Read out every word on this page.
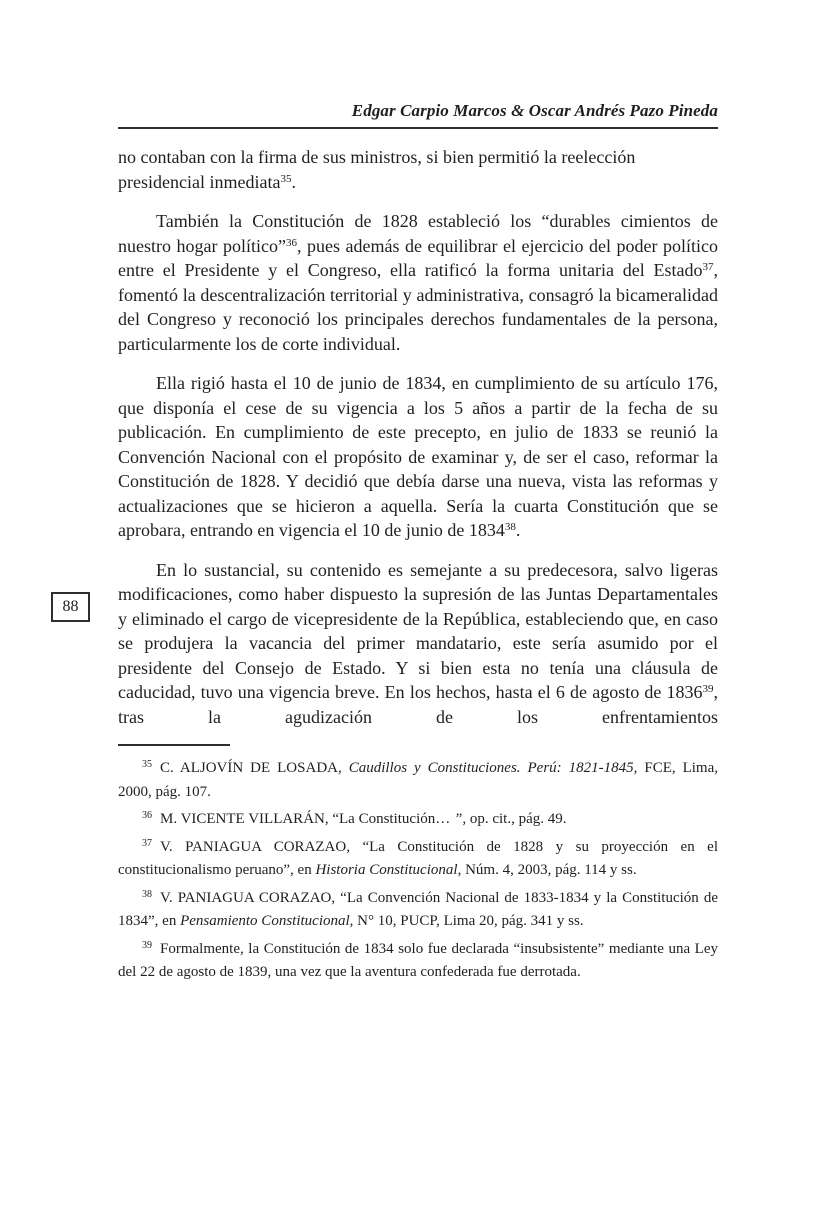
88
Edgar Carpio Marcos & Oscar Andrés Pazo Pineda

no contaban con la firma de sus ministros, si bien permitió la reelección presidencial inmediata$^{35}$.

También la Constitución de 1828 estableció los “durables cimientos de nuestro hogar político”$^{36}$, pues además de equilibrar el ejercicio del poder político entre el Presidente y el Congreso, ella ratificó la forma unitaria del Estado$^{37}$, fomentó la descentralización territorial y administrativa, consagró la bicameralidad del Congreso y reconoció los principales derechos fundamentales de la persona, particularmente los de corte individual.

Ella rigió hasta el 10 de junio de 1834, en cumplimiento de su artículo 176, que disponía el cese de su vigencia a los 5 años a partir de la fecha de su publicación. En cumplimiento de este precepto, en julio de 1833 se reunió la Convención Nacional con el propósito de examinar y, de ser el caso, reformar la Constitución de 1828. Y decidió que debía darse una nueva, vista las reformas y actualizaciones que se hicieron a aquella. Sería la cuarta Constitución que se aprobara, entrando en vigencia el 10 de junio de 1834$^{38}$.

En lo sustancial, su contenido es semejante a su predecesora, salvo ligeras modificaciones, como haber dispuesto la supresión de las Juntas Departamentales y eliminado el cargo de vicepresidente de la República, estableciendo que, en caso se produjera la vacancia del primer mandatario, este sería asumido por el presidente del Consejo de Estado. Y si bien esta no tenía una cláusula de caducidad, tuvo una vigencia breve. En los hechos, hasta el 6 de agosto de 1836$^{39}$, tras la agudización de los enfrentamientos

$^{35}$ C. ALJOVÍN DE LOSADA, Caudillos y Constituciones. Perú: 1821-1845, FCE, Lima, 2000, pág. 107.
$^{36}$ M. VICENTE VILLARÁN, “La Constitución… ”, op. cit., pág. 49.
$^{37}$ V. PANIAGUA CORAZAO, “La Constitución de 1828 y su proyección en el constitucionalismo peruano”, en Historia Constitucional, Núm. 4, 2003, pág. 114 y ss.
$^{38}$ V. PANIAGUA CORAZAO, “La Convención Nacional de 1833-1834 y la Constitución de 1834”, en Pensamiento Constitucional, N° 10, PUCP, Lima 20, pág. 341 y ss.
$^{39}$ Formalmente, la Constitución de 1834 solo fue declarada “insubsistente” mediante una Ley del 22 de agosto de 1839, una vez que la aventura confederada fue derrotada.
